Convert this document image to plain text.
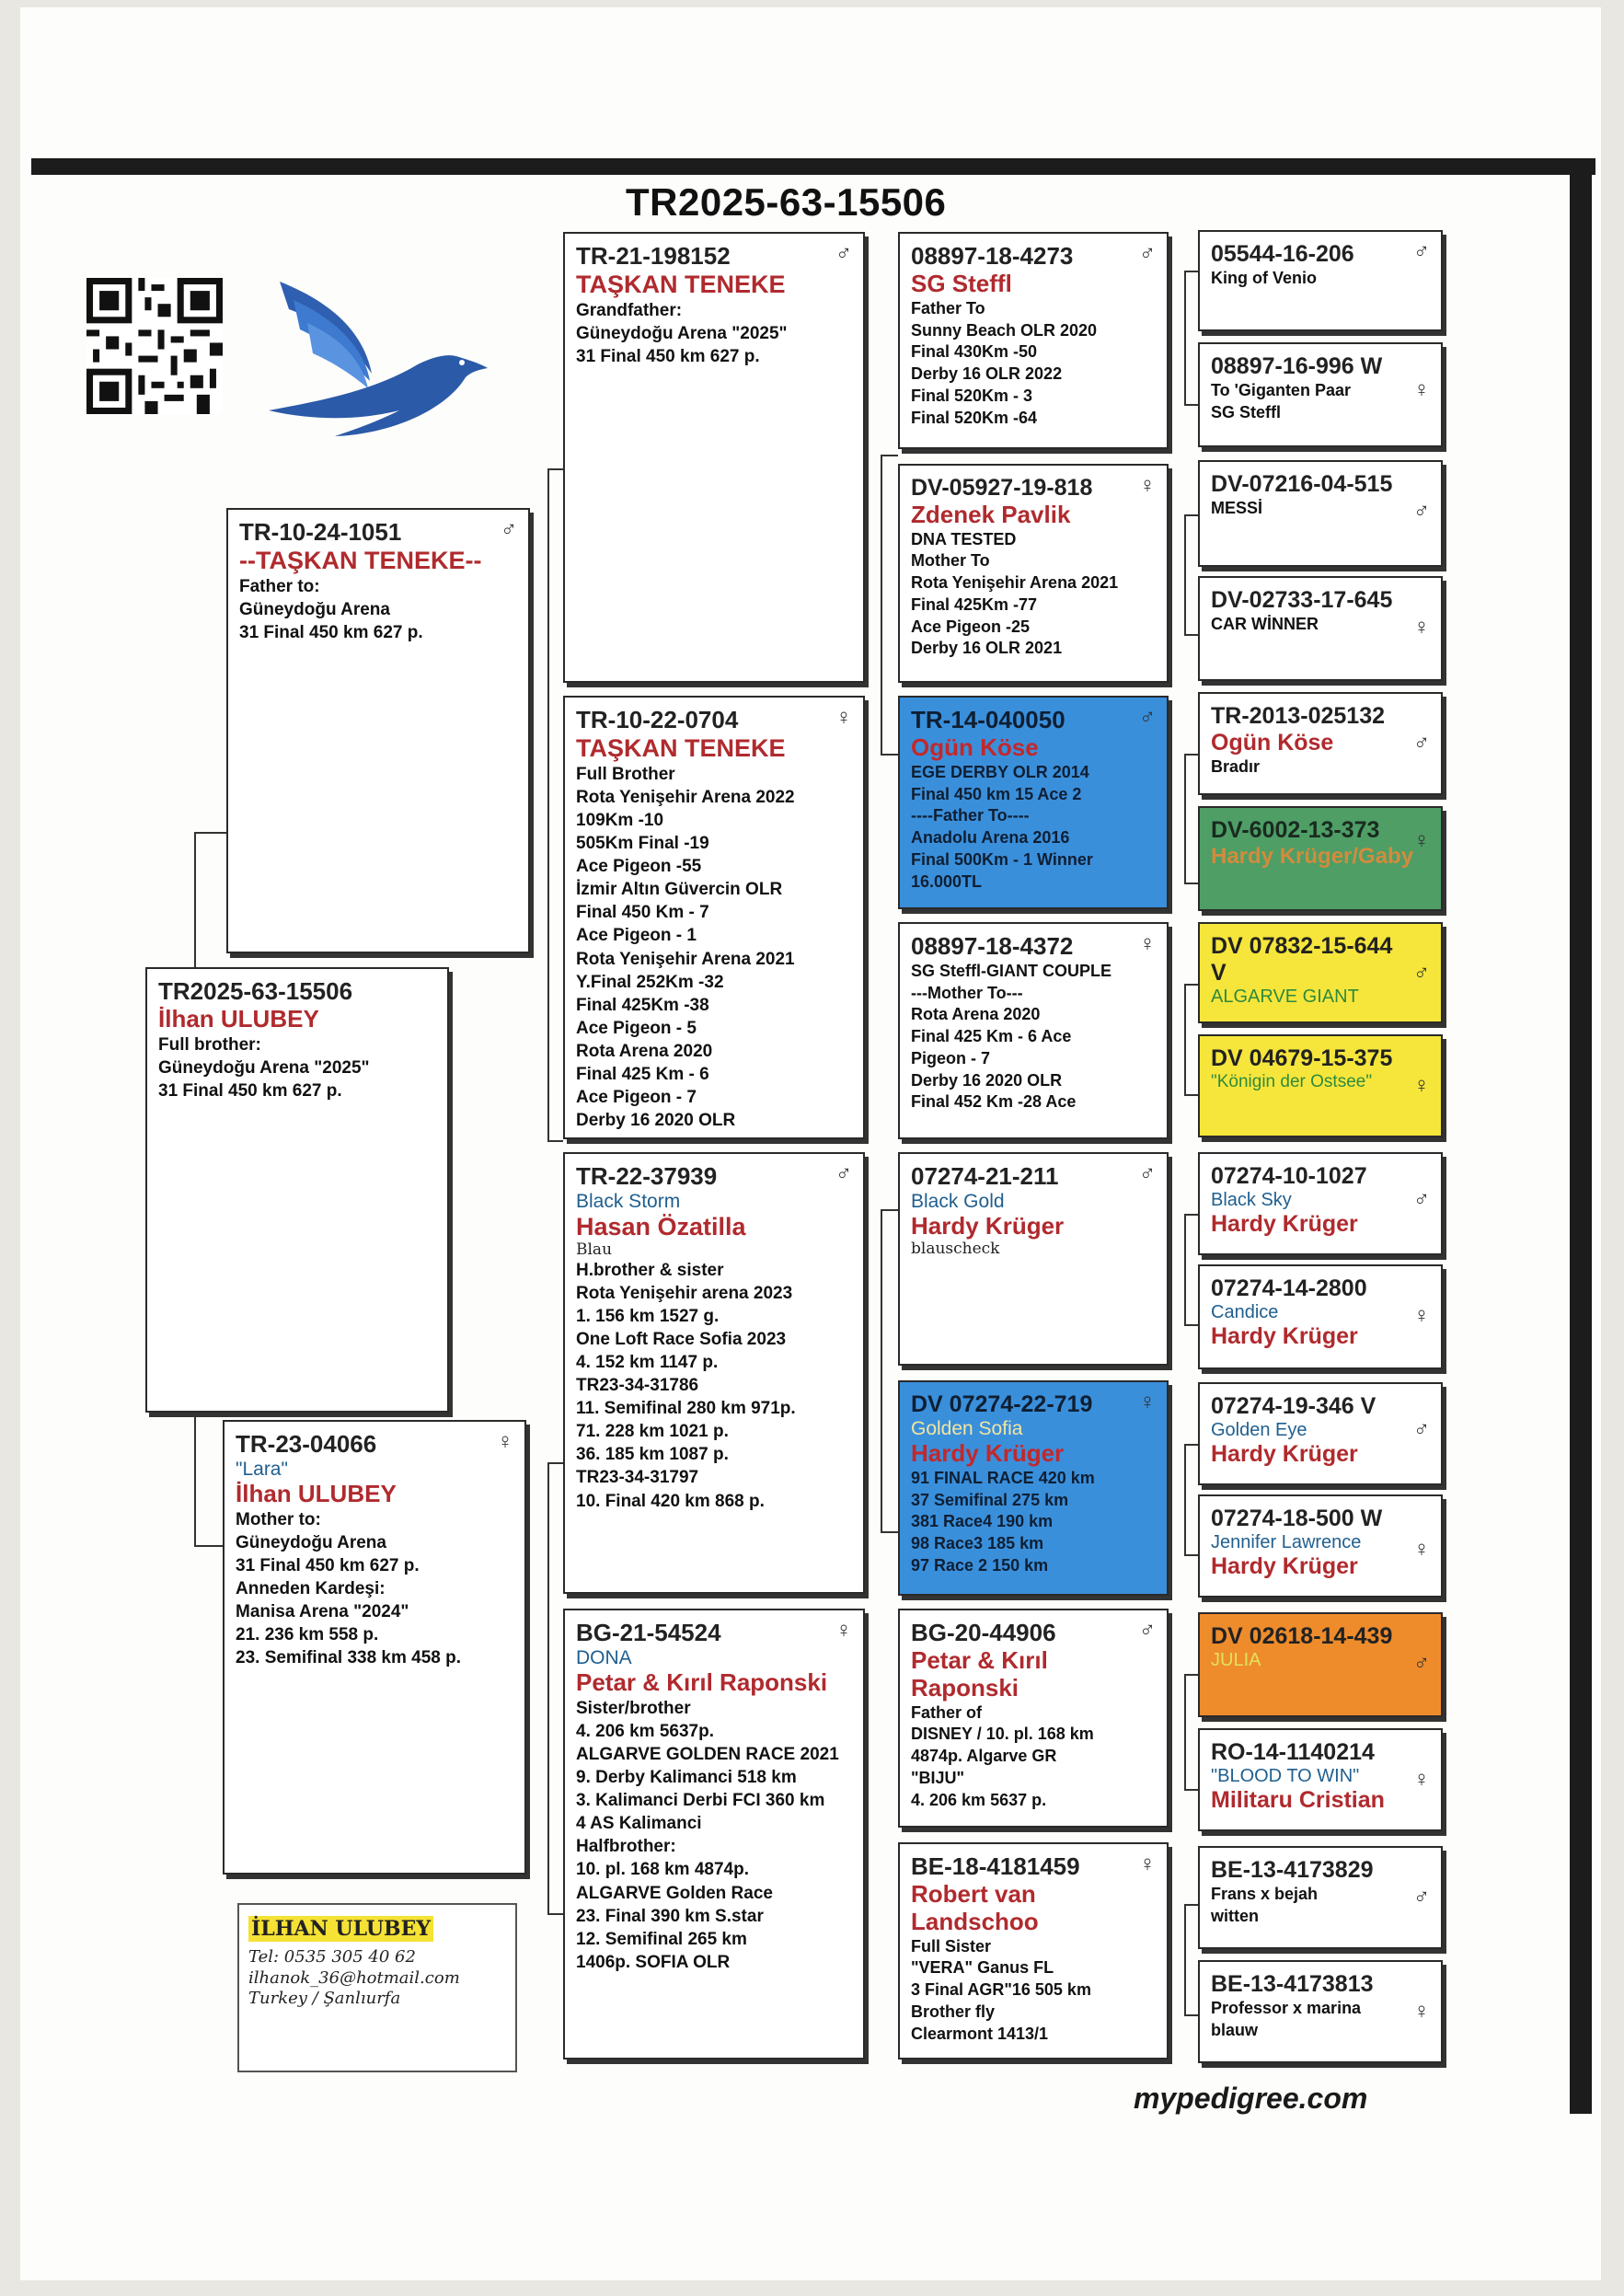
TR2025-63-15506
TR2025-63-15506
İlhan ULUBEY
Full brother:
Güneydoğu Arena "2025"
31 Final 450 km 627 p.
♂
TR-10-24-1051
--TAŞKAN TENEKE--
Father to:
Güneydoğu Arena
31 Final 450 km 627 p.
♀
TR-23-04066
"Lara"
İlhan ULUBEY
Mother to:
Güneydoğu Arena
31 Final 450 km 627 p.
Anneden Kardeşi:
Manisa Arena "2024"
21. 236 km 558 p.
23. Semifinal 338 km 458 p.
♂
TR-21-198152
TAŞKAN TENEKE
Grandfather:
Güneydoğu Arena "2025"
31 Final 450 km 627 p.
♀
TR-10-22-0704
TAŞKAN TENEKE
Full Brother
Rota Yenişehir Arena 2022
109Km -10
505Km Final -19
Ace Pigeon -55
İzmir Altın Güvercin OLR
Final 450 Km - 7
Ace Pigeon - 1
Rota Yenişehir Arena 2021
Y.Final 252Km -32
Final 425Km -38
Ace Pigeon - 5
Rota Arena 2020
Final 425 Km - 6
Ace Pigeon - 7
Derby 16 2020 OLR
♂
TR-22-37939
Black Storm
Hasan Özatilla
Blau
H.brother & sister
Rota Yenişehir arena 2023
1. 156 km 1527 g.
One Loft Race Sofia 2023
4. 152 km 1147 p.
TR23-34-31786
11. Semifinal 280 km 971p.
71. 228 km 1021 p.
36. 185 km 1087 p.
TR23-34-31797
10. Final 420 km 868 p.
♀
BG-21-54524
DONA
Petar & Kırıl Raponski
Sister/brother
4. 206 km 5637p.
ALGARVE GOLDEN RACE 2021
9. Derby Kalimanci 518 km
3. Kalimanci Derbi FCI 360 km
4 AS Kalimanci
Halfbrother:
10. pl. 168 km 4874p.
ALGARVE Golden Race
23. Final 390 km S.star
12. Semifinal 265 km
1406p. SOFIA OLR
♂
08897-18-4273
SG Steffl
Father To
Sunny Beach OLR 2020
Final 430Km -50
Derby 16 OLR 2022
Final 520Km - 3
Final 520Km -64
♀
DV-05927-19-818
Zdenek Pavlik
DNA TESTED
Mother To
Rota Yenişehir Arena 2021
Final 425Km -77
Ace Pigeon -25
Derby 16 OLR 2021
♂
TR-14-040050
Ogün Köse
EGE DERBY OLR 2014
Final 450 km 15 Ace 2
----Father To----
Anadolu Arena 2016
Final 500Km - 1 Winner
16.000TL
♀
08897-18-4372
SG Steffl-GIANT COUPLE
---Mother To---
Rota Arena 2020
Final 425 Km - 6 Ace
Pigeon - 7
Derby 16 2020 OLR
Final 452 Km -28 Ace
♂
07274-21-211
Black Gold
Hardy Krüger
blauscheck
♀
DV 07274-22-719
Golden Sofia
Hardy Krüger
91 FINAL RACE 420 km
37 Semifinal 275 km
381 Race4 190 km
98 Race3 185 km
97 Race 2 150 km
♂
BG-20-44906
Petar & Kırıl Raponski
Father of
DISNEY / 10. pl. 168 km
4874p. Algarve GR
"BIJU"
4. 206 km 5637 p.
♀
BE-18-4181459
Robert van Landschoo
Full Sister
"VERA" Ganus FL
3 Final AGR"16 505 km
Brother fly
Clearmont 1413/1
♂
05544-16-206
King of Venio
♀
08897-16-996 W
To 'Giganten Paar
SG Steffl
♂
DV-07216-04-515
MESSİ
♀
DV-02733-17-645
CAR WİNNER
♂
TR-2013-025132
Ogün Köse
Bradır
♀
DV-6002-13-373
Hardy Krüger/Gaby
♂
DV 07832-15-644 V
ALGARVE GIANT
♀
DV 04679-15-375
"Königin der Ostsee"
♂
07274-10-1027
Black Sky
Hardy Krüger
♀
07274-14-2800
Candice
Hardy Krüger
♂
07274-19-346 V
Golden Eye
Hardy Krüger
♀
07274-18-500 W
Jennifer Lawrence
Hardy Krüger
♂
DV 02618-14-439
JULIA
♀
RO-14-1140214
"BLOOD TO WIN"
Militaru Cristian
♂
BE-13-4173829
Frans x bejah
witten
♀
BE-13-4173813
Professor x marina
blauw
İLHAN ULUBEY
Tel: 0535 305 40 62
ilhanok_36@hotmail.com
Turkey / Şanlıurfa
mypedigree.com
